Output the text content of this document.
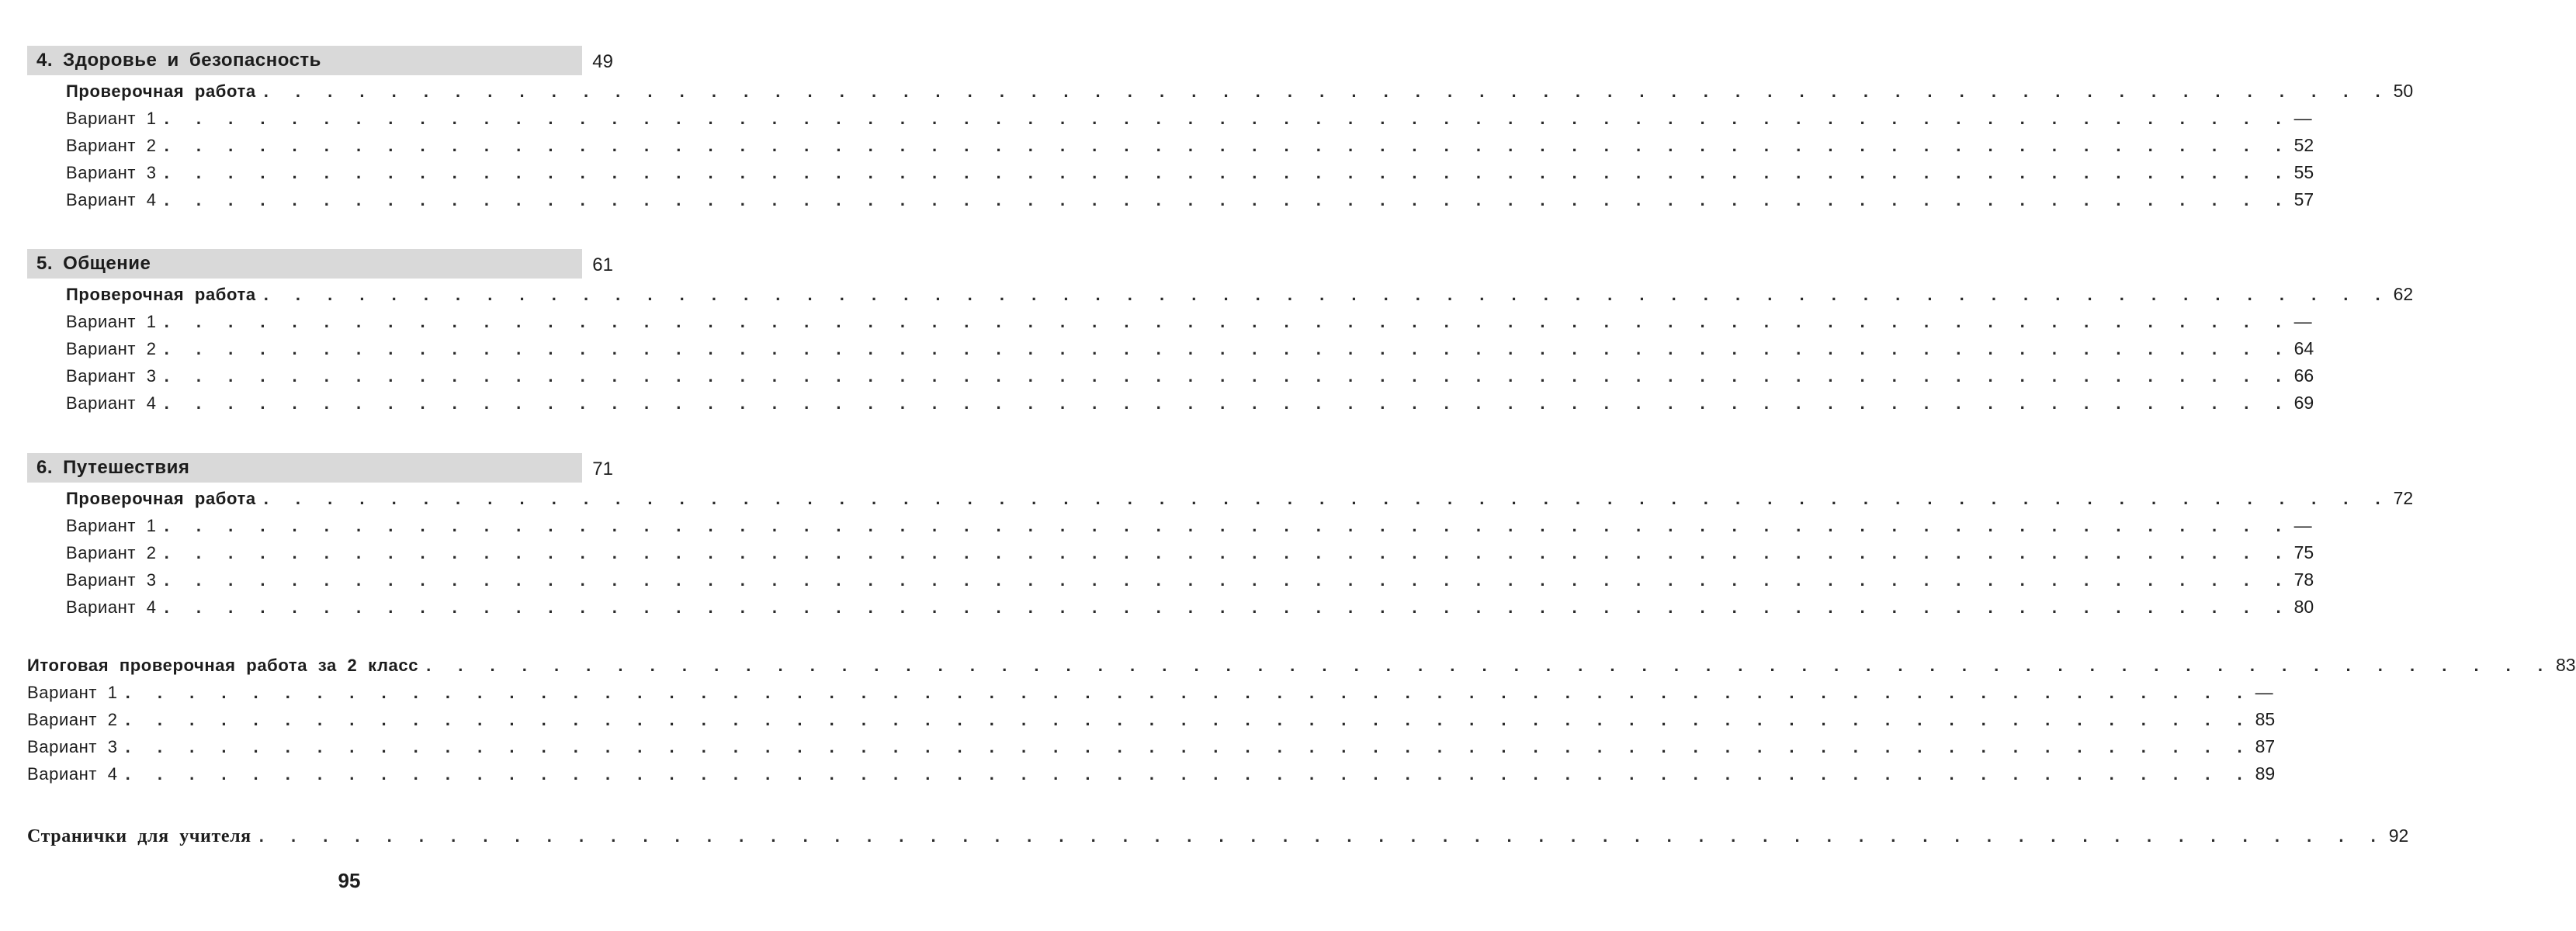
4. Здоровье и безопасность	49
Проверочная работа . . . . . . . . . . . . . . . . . . . . . . . . . . . . . . . . . . . . . . . . . . . . . . . . . . . . . . . . . . . . . . . . . . . 50
Вариант 1 . . . . . . . . . . . . . . . . . . . . . . . . . . . . . . . . . . . . . . . . . . . . . . . . . . . . . . . . . . . . . . . . . . . —
Вариант 2 . . . . . . . . . . . . . . . . . . . . . . . . . . . . . . . . . . . . . . . . . . . . . . . . . . . . . . . . . . . . . . . . . . . 52
Вариант 3 . . . . . . . . . . . . . . . . . . . . . . . . . . . . . . . . . . . . . . . . . . . . . . . . . . . . . . . . . . . . . . . . . . . 55
Вариант 4 . . . . . . . . . . . . . . . . . . . . . . . . . . . . . . . . . . . . . . . . . . . . . . . . . . . . . . . . . . . . . . . . . . . 57
5. Общение	61
Проверочная работа . . . . . . . . . . . . . . . . . . . . . . . . . . . . . . . . . . . . . . . . . . . . . . . . . . . . . . . . . . . . . . . . . . . 62
Вариант 1 . . . . . . . . . . . . . . . . . . . . . . . . . . . . . . . . . . . . . . . . . . . . . . . . . . . . . . . . . . . . . . . . . . . —
Вариант 2 . . . . . . . . . . . . . . . . . . . . . . . . . . . . . . . . . . . . . . . . . . . . . . . . . . . . . . . . . . . . . . . . . . . 64
Вариант 3 . . . . . . . . . . . . . . . . . . . . . . . . . . . . . . . . . . . . . . . . . . . . . . . . . . . . . . . . . . . . . . . . . . . 66
Вариант 4 . . . . . . . . . . . . . . . . . . . . . . . . . . . . . . . . . . . . . . . . . . . . . . . . . . . . . . . . . . . . . . . . . . . 69
6. Путешествия	71
Проверочная работа . . . . . . . . . . . . . . . . . . . . . . . . . . . . . . . . . . . . . . . . . . . . . . . . . . . . . . . . . . . . . . . . . . . 72
Вариант 1 . . . . . . . . . . . . . . . . . . . . . . . . . . . . . . . . . . . . . . . . . . . . . . . . . . . . . . . . . . . . . . . . . . . —
Вариант 2 . . . . . . . . . . . . . . . . . . . . . . . . . . . . . . . . . . . . . . . . . . . . . . . . . . . . . . . . . . . . . . . . . . . 75
Вариант 3 . . . . . . . . . . . . . . . . . . . . . . . . . . . . . . . . . . . . . . . . . . . . . . . . . . . . . . . . . . . . . . . . . . . 78
Вариант 4 . . . . . . . . . . . . . . . . . . . . . . . . . . . . . . . . . . . . . . . . . . . . . . . . . . . . . . . . . . . . . . . . . . . 80
Итоговая проверочная работа за 2 класс . . . . . . . . . . . . . . . . . . . . . . . . . . . . . . . . . . . . . . . . . . . . . . . . . . . . . . . . . . . . . . . . . . . 83
Вариант 1 . . . . . . . . . . . . . . . . . . . . . . . . . . . . . . . . . . . . . . . . . . . . . . . . . . . . . . . . . . . . . . . . . . . —
Вариант 2 . . . . . . . . . . . . . . . . . . . . . . . . . . . . . . . . . . . . . . . . . . . . . . . . . . . . . . . . . . . . . . . . . . . 85
Вариант 3 . . . . . . . . . . . . . . . . . . . . . . . . . . . . . . . . . . . . . . . . . . . . . . . . . . . . . . . . . . . . . . . . . . . 87
Вариант 4 . . . . . . . . . . . . . . . . . . . . . . . . . . . . . . . . . . . . . . . . . . . . . . . . . . . . . . . . . . . . . . . . . . . 89
Странички для учителя . . . . . . . . . . . . . . . . . . . . . . . . . . . . . . . . . . . . . . . . . . . . . . . . . . . . . . . . . . . . . . . . . . . 92
95
